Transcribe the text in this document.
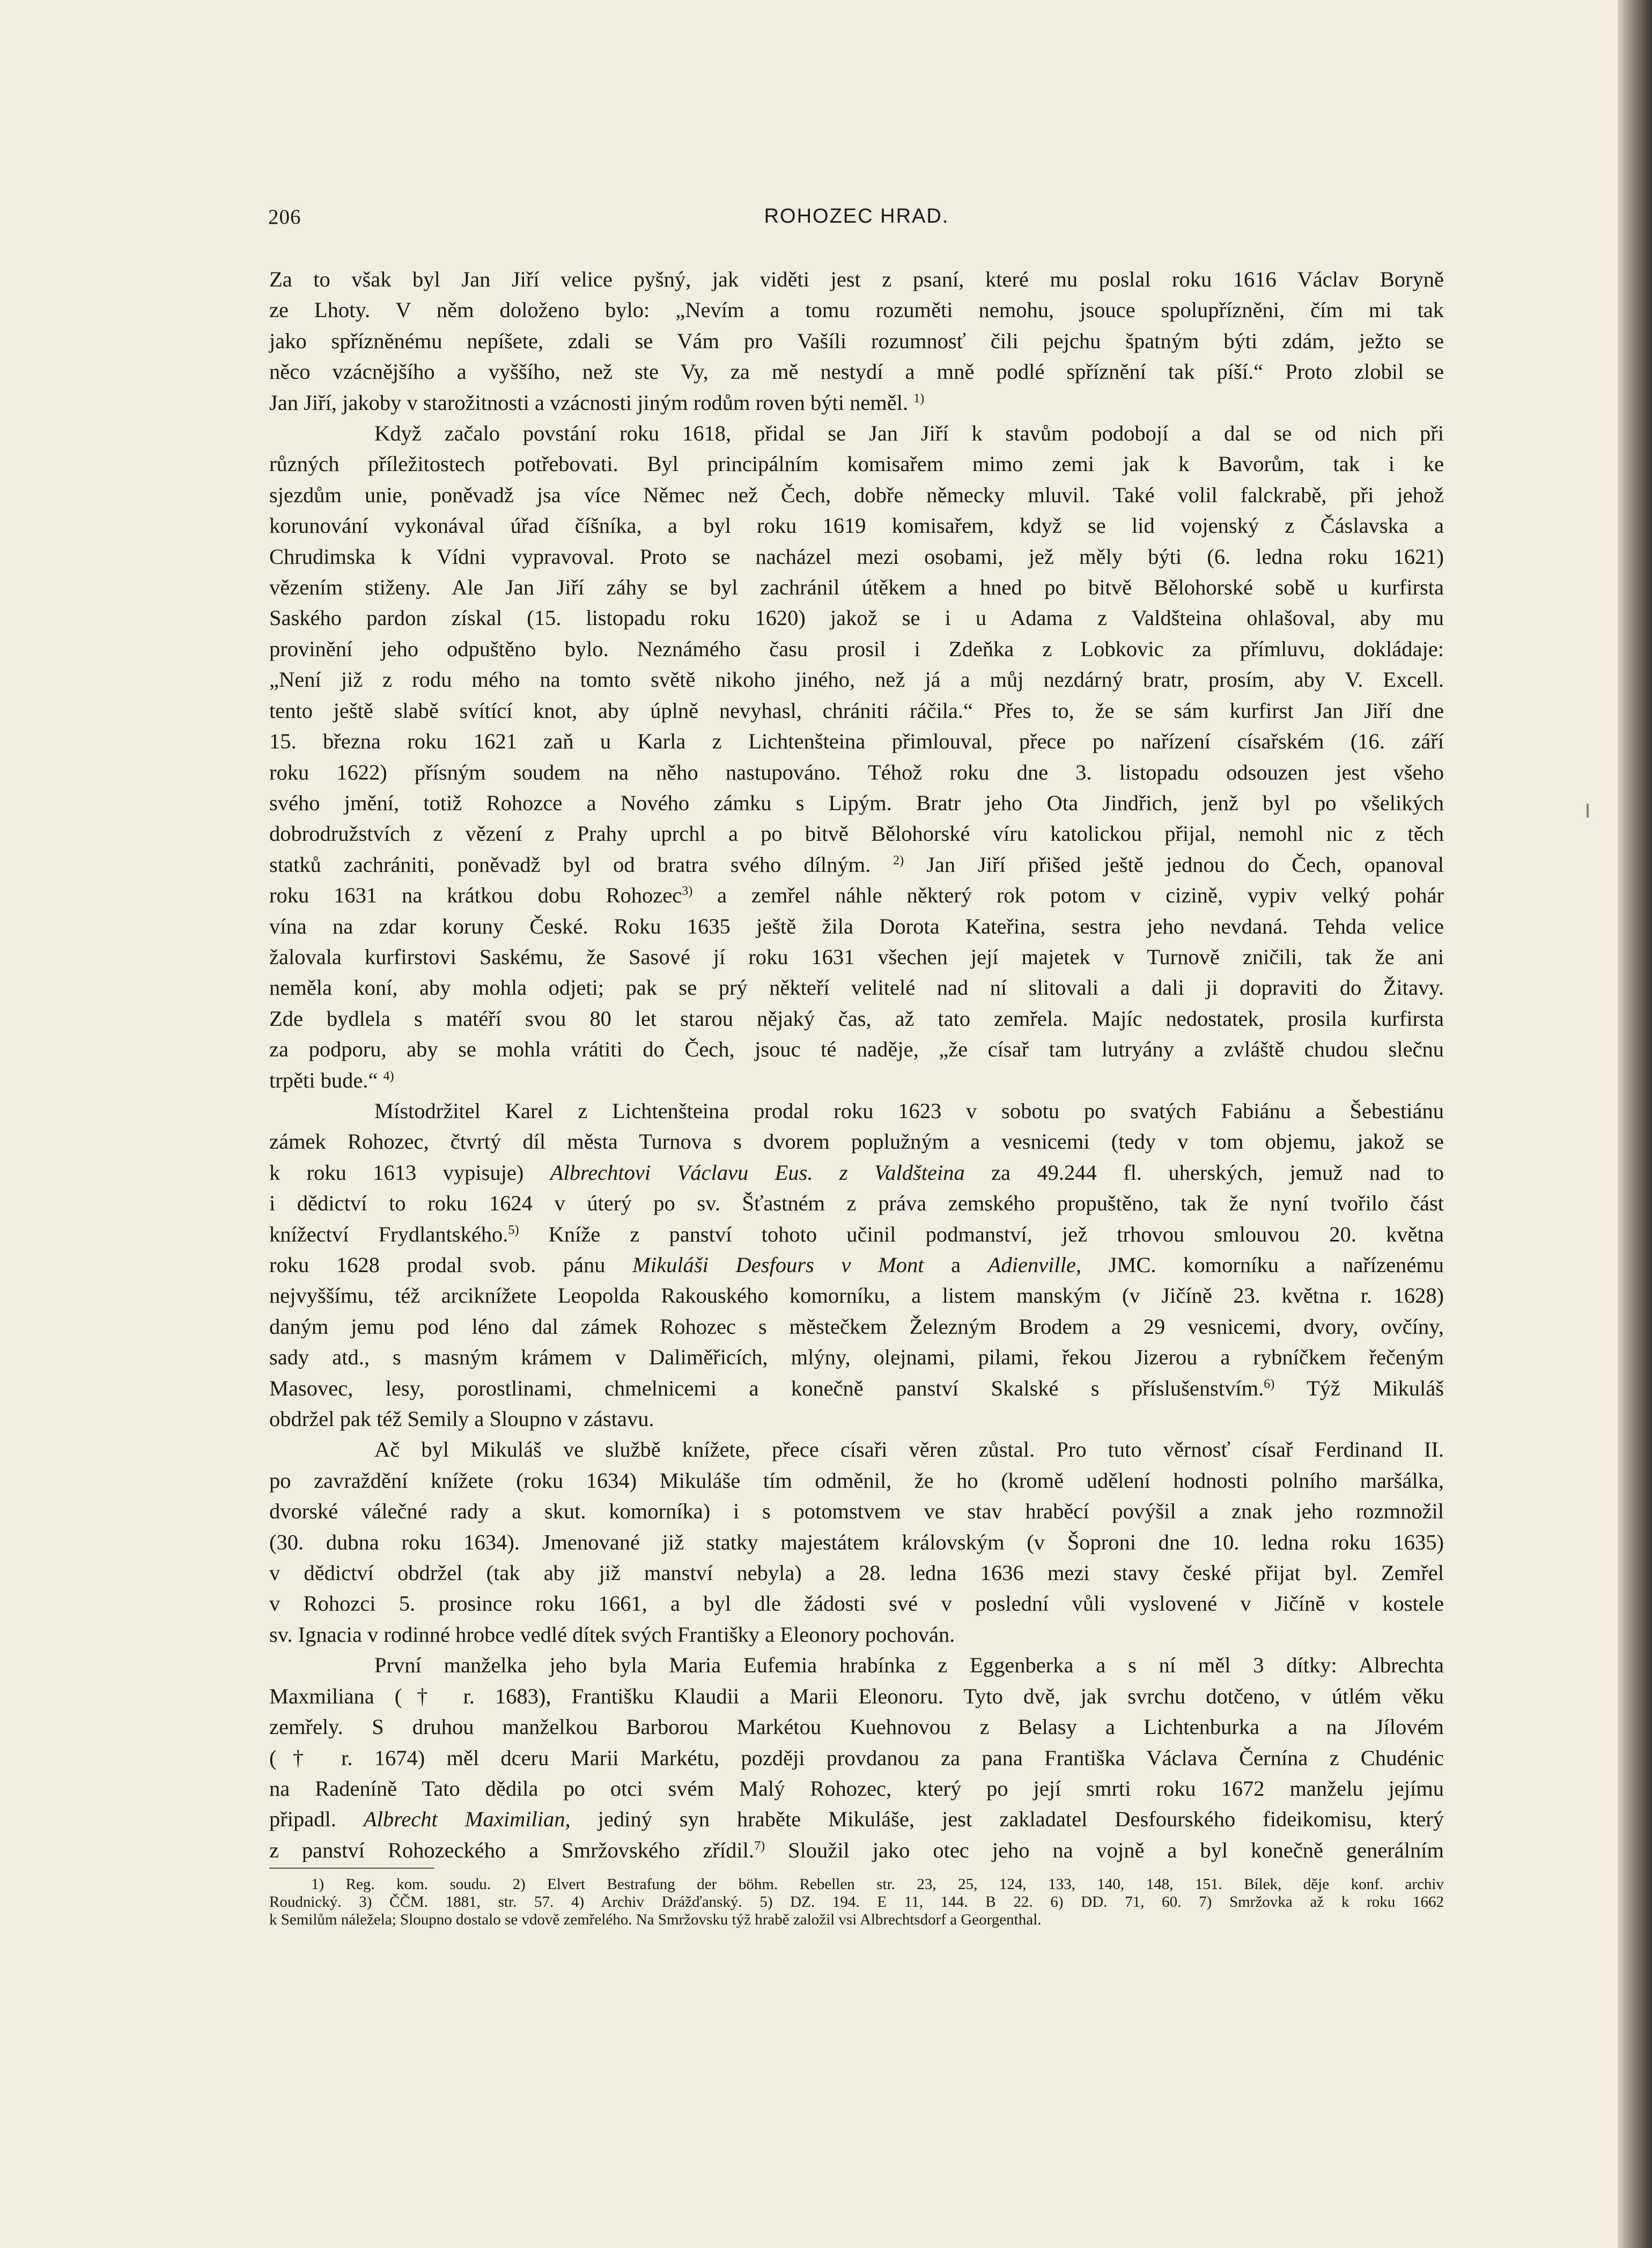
206	ROHOZEC HRAD.

Za to však byl Jan Jiří velice pyšný, jak viděti jest z psaní, které mu poslal roku 1616 Václav Boryně

ze Lhoty. V něm doloženo bylo: „Nevím a tomu rozuměti nemohu, jsouce spolupřízněni, čím mi tak

jako spřízněnému nepíšete, zdali se Vám pro Vašíli rozumnosť čili pejchu špatným býti zdám, ježto se

něco vzácnějšího a vyššího, než ste Vy, za mě nestydí a mně podlé spříznění tak píší.“ Proto zlobil se

Jan Jiří, jakoby v starožitnosti a vzácnosti jiným rodům roven býti neměl. $^{1)}$

Když začalo povstání roku 1618, přidal se Jan Jiří k stavům podobojí a dal se od nich při

různých příležitostech potřebovati. Byl principálním komisařem mimo zemi jak k Bavorům, tak i ke

sjezdům unie, poněvadž jsa více Němec než Čech, dobře německy mluvil. Také volil falckrabě, při jehož

korunování vykonával úřad číšníka, a byl roku 1619 komisařem, když se lid vojenský z Čáslavska a

Chrudimska k Vídni vypravoval. Proto se nacházel mezi osobami, jež měly býti (6. ledna roku 1621)

vězením stiženy. Ale Jan Jiří záhy se byl zachránil útěkem a hned po bitvě Bělohorské sobě u kurfirsta

Saského pardon získal (15. listopadu roku 1620) jakož se i u Adama z Valdšteina ohlašoval, aby mu

provinění jeho odpuštěno bylo. Neznámého času prosil i Zdeňka z Lobkovic za přímluvu, dokládaje:

„Není již z rodu mého na tomto světě nikoho jiného, než já a můj nezdárný bratr, prosím, aby V. Excell.

tento ještě slabě svítící knot, aby úplně nevyhasl, chrániti ráčila.“ Přes to, že se sám kurfirst Jan Jiří dne

15. března roku 1621 zaň u Karla z Lichtenšteina přimlouval, přece po nařízení císařském (16. září

roku 1622) přísným soudem na něho nastupováno. Téhož roku dne 3. listopadu odsouzen jest všeho

svého jmění, totiž Rohozce a Nového zámku s Lipým. Bratr jeho Ota Jindřich, jenž byl po všelikých

dobrodružstvích z vězení z Prahy uprchl a po bitvě Bělohorské víru katolickou přijal, nemohl nic z těch

statků zachrániti, poněvadž byl od bratra svého dílným. $^{2)}$ Jan Jiří přišed ještě jednou do Čech, opanoval

roku 1631 na krátkou dobu Rohozec$^{3)}$ a zemřel náhle některý rok potom v cizině, vypiv velký pohár

vína na zdar koruny České. Roku 1635 ještě žila Dorota Kateřina, sestra jeho nevdaná. Tehda velice

žalovala kurfirstovi Saskému, že Sasové jí roku 1631 všechen její majetek v Turnově zničili, tak že ani

neměla koní, aby mohla odjeti; pak se prý někteří velitelé nad ní slitovali a dali ji dopraviti do Žitavy.

Zde bydlela s matéří svou 80 let starou nějaký čas, až tato zemřela. Majíc nedostatek, prosila kurfirsta

za podporu, aby se mohla vrátiti do Čech, jsouc té naděje, „že císař tam lutryány a zvláště chudou slečnu

trpěti bude.“ $^{4)}$

Místodržitel Karel z Lichtenšteina prodal roku 1623 v sobotu po svatých Fabiánu a Šebestiánu

zámek Rohozec, čtvrtý díl města Turnova s dvorem poplužným a vesnicemi (tedy v tom objemu, jakož se

k roku 1613 vypisuje) Albrechtovi Václavu Eus. z Valdšteina za 49.244 fl. uherských, jemuž nad to

i dědictví to roku 1624 v úterý po sv. Šťastném z práva zemského propuštěno, tak že nyní tvořilo část

knížectví Frydlantského.$^{5)}$ Kníže z panství tohoto učinil podmanství, jež trhovou smlouvou 20. května

roku 1628 prodal svob. pánu Mikuláši Desfours v Mont a Adienville, JMC. komorníku a nařízenému

nejvyššímu, též arciknížete Leopolda Rakouského komorníku, a listem manským (v Jičíně 23. května r. 1628)

daným jemu pod léno dal zámek Rohozec s městečkem Železným Brodem a 29 vesnicemi, dvory, ovčíny,

sady atd., s masným krámem v Daliměřicích, mlýny, olejnami, pilami, řekou Jizerou a rybníčkem řečeným

Masovec, lesy, porostlinami, chmelnicemi a konečně panství Skalské s příslušenstvím.$^{6)}$ Týž Mikuláš

obdržel pak též Semily a Sloupno v zástavu.

Ač byl Mikuláš ve službě knížete, přece císaři věren zůstal. Pro tuto věrnosť císař Ferdinand II.

po zavraždění knížete (roku 1634) Mikuláše tím odměnil, že ho (kromě udělení hodnosti polního maršálka,

dvorské válečné rady a skut. komorníka) i s potomstvem ve stav hraběcí povýšil a znak jeho rozmnožil

(30. dubna roku 1634). Jmenované již statky majestátem královským (v Šoproni dne 10. ledna roku 1635)

v dědictví obdržel (tak aby již manství nebyla) a 28. ledna 1636 mezi stavy české přijat byl. Zemřel

v Rohozci 5. prosince roku 1661, a byl dle žádosti své v poslední vůli vyslovené v Jičíně v kostele

sv. Ignacia v rodinné hrobce vedlé dítek svých Františky a Eleonory pochován.

První manželka jeho byla Maria Eufemia hrabínka z Eggenberka a s ní měl 3 dítky: Albrechta

Maxmiliana († r. 1683), Františku Klaudii a Marii Eleonoru. Tyto dvě, jak svrchu dotčeno, v útlém věku

zemřely. S druhou manželkou Barborou Markétou Kuehnovou z Belasy a Lichtenburka a na Jílovém

(† r. 1674) měl dceru Marii Markétu, později provdanou za pana Františka Václava Černína z Chudénic

na Radeníně Tato dědila po otci svém Malý Rohozec, který po její smrti roku 1672 manželu jejímu

připadl. Albrecht Maximilian, jediný syn hraběte Mikuláše, jest zakladatel Desfourského fideikomisu, který

z panství Rohozeckého a Smržovského zřídil.$^{7)}$ Sloužil jako otec jeho na vojně a byl konečně generálním

1) Reg. kom. soudu. 2) Elvert Bestrafung der böhm. Rebellen str. 23, 25, 124, 133, 140, 148, 151. Bílek, děje konf. archiv

Roudnický. 3) ČČM. 1881, str. 57. 4) Archiv Drážďanský. 5) DZ. 194. E 11, 144. B 22. 6) DD. 71, 60. 7) Smržovka až k roku 1662

k Semilům náležela; Sloupno dostalo se vdově zemřelého. Na Smržovsku týž hrabě založil vsi Albrechtsdorf a Georgenthal.
